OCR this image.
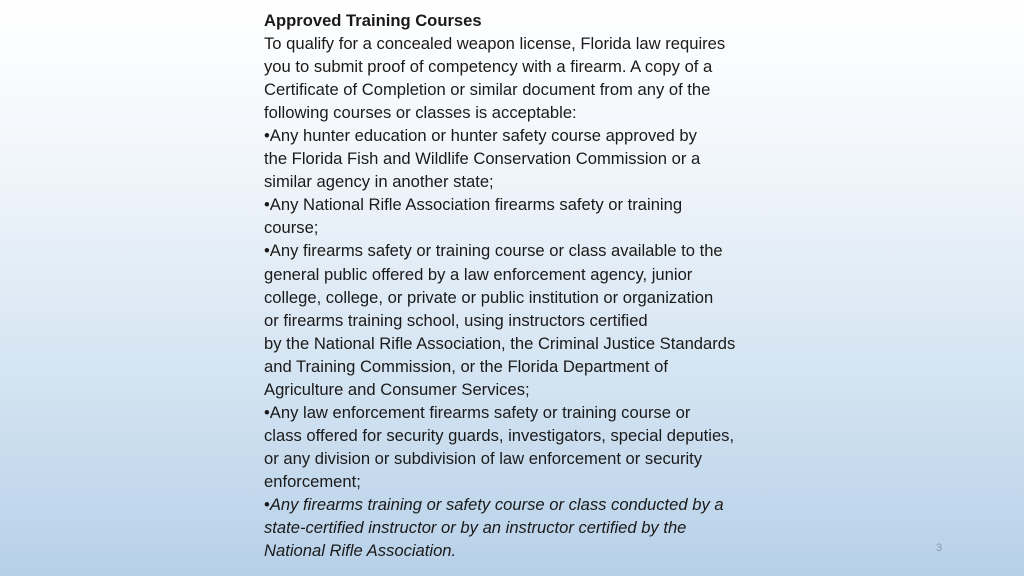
Approved Training Courses

To qualify for a concealed weapon license, Florida law requires

you to submit proof of competency with a firearm. A copy of a

Certificate of Completion or similar document from any of the

following courses or classes is acceptable:

•Any hunter education or hunter safety course approved by

the Florida Fish and Wildlife Conservation Commission or a

similar agency in another state;

•Any National Rifle Association firearms safety or training

course;

•Any firearms safety or training course or class available to the

general public offered by a law enforcement agency, junior

college, college, or private or public institution or organization

or firearms training school, using instructors certified

by the National Rifle Association, the Criminal Justice Standards

and Training Commission, or the Florida Department of

Agriculture and Consumer Services;

•Any law enforcement firearms safety or training course or

class offered for security guards, investigators, special deputies,

or any division or subdivision of law enforcement or security

enforcement;

•Any firearms training or safety course or class conducted by a

state-certified instructor or by an instructor certified by the

National Rifle Association.	3
